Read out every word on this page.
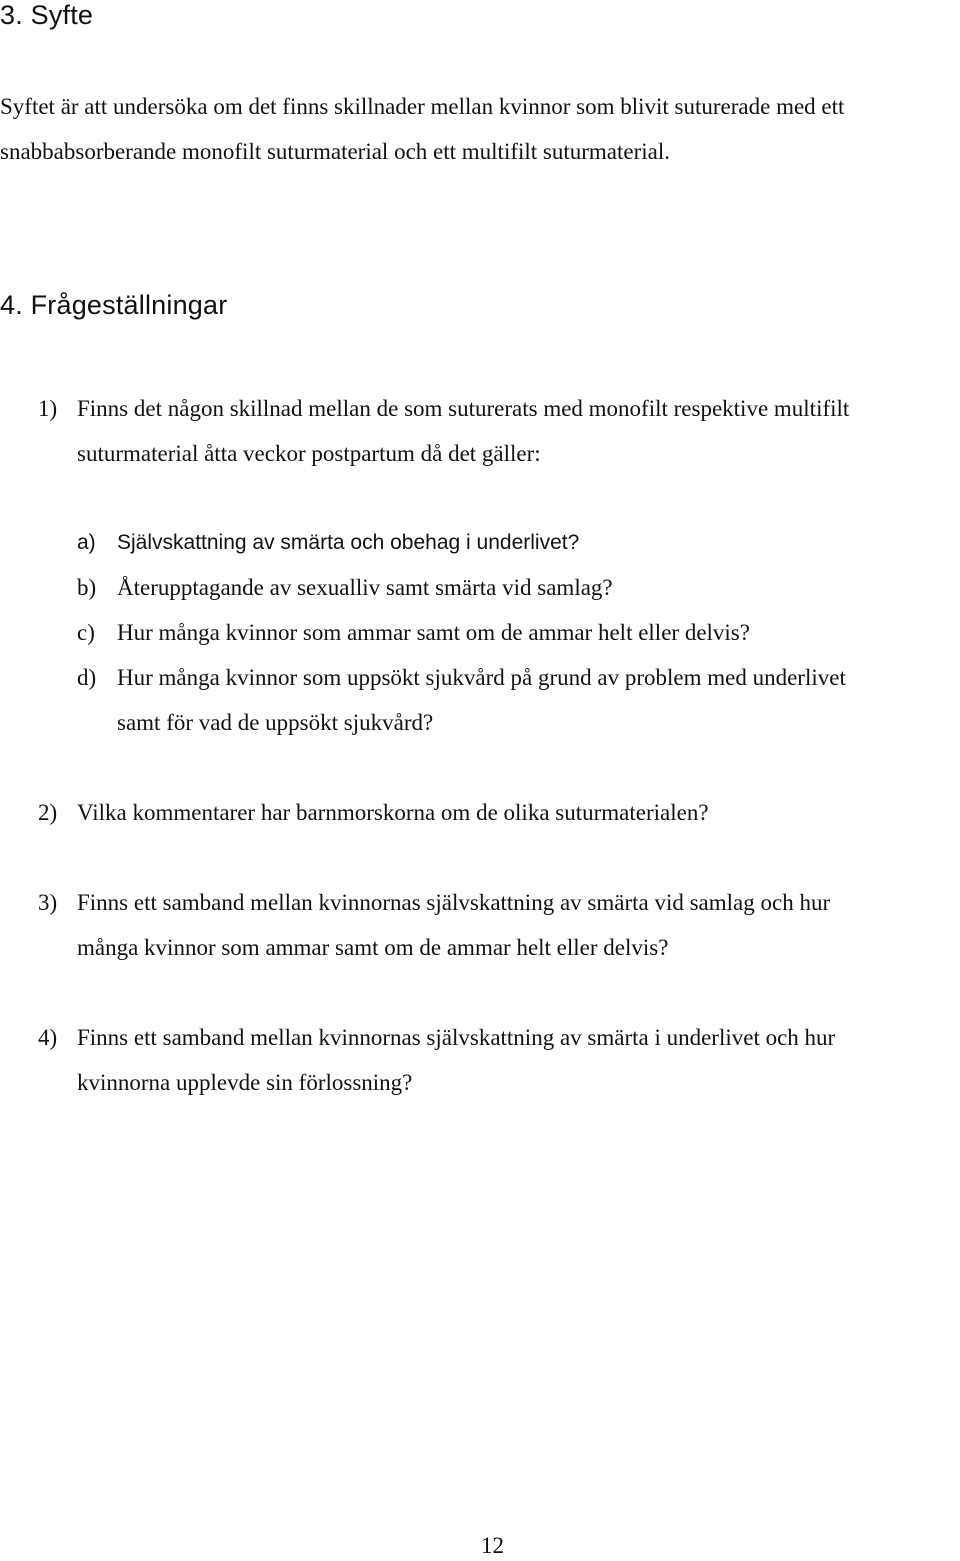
3. Syfte
Syftet är att undersöka om det finns skillnader mellan kvinnor som blivit suturerade med ett
snabbabsorberande monofilt suturmaterial och ett multifilt suturmaterial.
4. Frågeställningar
1) Finns det någon skillnad mellan de som suturerats med monofilt respektive multifilt
suturmaterial åtta veckor postpartum då det gäller:
a) Självskattning av smärta och obehag i underlivet?
b) Återupptagande av sexualliv samt smärta vid samlag?
c) Hur många kvinnor som ammar samt om de ammar helt eller delvis?
d) Hur många kvinnor som uppsökt sjukvård på grund av problem med underlivet
samt för vad de uppsökt sjukvård?
2) Vilka kommentarer har barnmorskorna om de olika suturmaterialen?
3) Finns ett samband mellan kvinnornas självskattning av smärta vid samlag och hur
många kvinnor som ammar samt om de ammar helt eller delvis?
4) Finns ett samband mellan kvinnornas självskattning av smärta i underlivet och hur
kvinnorna upplevde sin förlossning?
12
